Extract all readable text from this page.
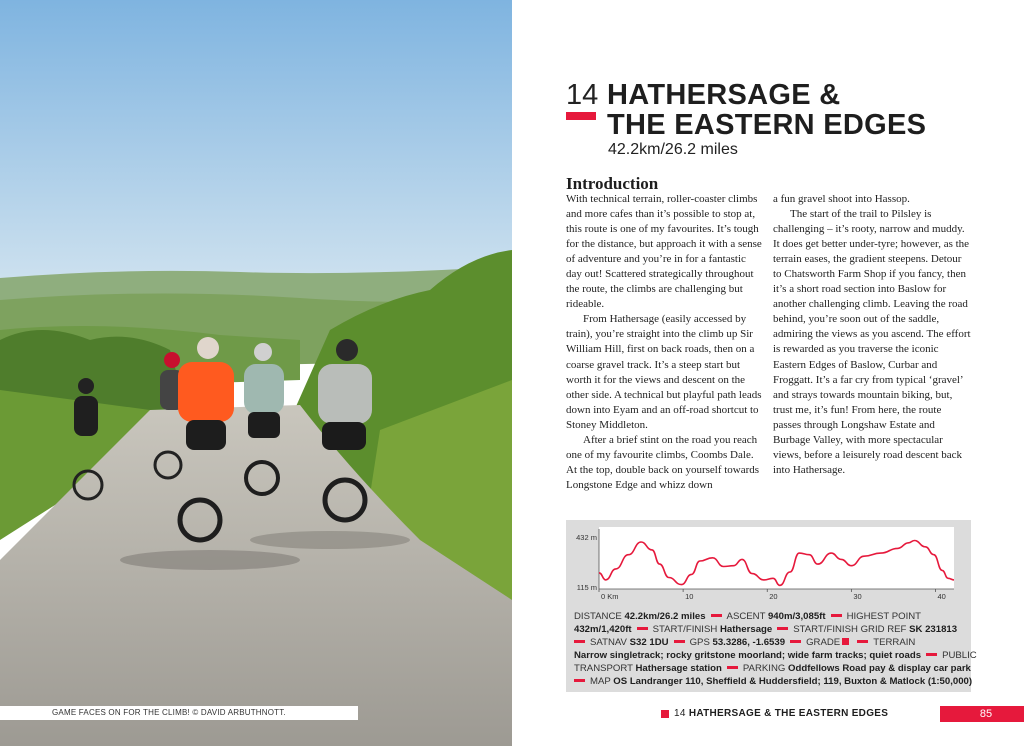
GAME FACES ON FOR THE CLIMB! © DAVID ARBUTHNOTT.
14 HATHERSAGE &
THE EASTERN EDGES
42.2km/26.2 miles
Introduction

With technical terrain, roller-coaster climbs and more cafes than it’s possible to stop at, this route is one of my favourites. It’s tough for the distance, but approach it with a sense of adventure and you’re in for a fantastic day out! Scattered strategically throughout the route, the climbs are challenging but rideable.

From Hathersage (easily accessed by train), you’re straight into the climb up Sir William Hill, first on back roads, then on a coarse gravel track. It’s a steep start but worth it for the views and descent on the other side. A technical but playful path leads down into Eyam and an off-road shortcut to Stoney Middleton.

After a brief stint on the road you reach one of my favourite climbs, Coombs Dale. At the top, double back on yourself towards Longstone Edge and whizz down

a fun gravel shoot into Hassop.

The start of the trail to Pilsley is challenging – it’s rooty, narrow and muddy. It does get better under-tyre; however, as the terrain eases, the gradient steepens. Detour to Chatsworth Farm Shop if you fancy, then it’s a short road section into Baslow for another challenging climb. Leaving the road behind, you’re soon out of the saddle, admiring the views as you ascend. The effort is rewarded as you traverse the iconic Eastern Edges of Baslow, Curbar and Froggatt. It’s a far cry from typical ‘gravel’ and strays towards mountain biking, but, trust me, it’s fun! From here, the route passes through Longshaw Estate and Burbage Valley, with more spectacular views, before a leisurely road descent back into Hathersage.

432 m
115 m
0 Km	10	20	30	40
DISTANCE 42.2km/26.2 miles ASCENT 940m/3,085ft HIGHEST POINT
432m/1,420ft START/FINISH Hathersage START/FINISH GRID REF SK 231813
SATNAV S32 1DU GPS 53.3286, -1.6539 GRADE	TERRAIN
Narrow singletrack; rocky gritstone moorland; wide farm tracks; quiet roads PUBLIC
TRANSPORT Hathersage station PARKING Oddfellows Road pay & display car park
MAP OS Landranger 110, Sheffield & Huddersfield; 119, Buxton & Matlock (1:50,000)
14 HATHERSAGE & THE EASTERN EDGES	85
